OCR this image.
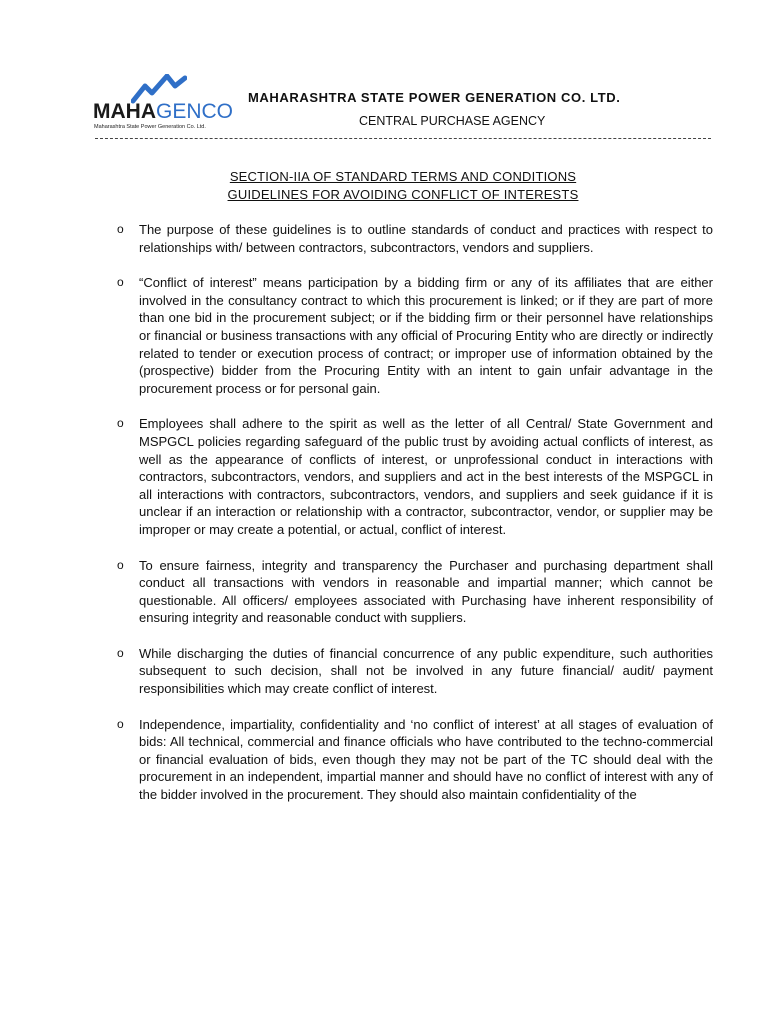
MAHAGENCO
Maharashtra State Power Generation Co. Ltd.
MAHARASHTRA STATE POWER GENERATION CO. LTD.
CENTRAL PURCHASE AGENCY
SECTION-IIA OF STANDARD TERMS AND CONDITIONS
GUIDELINES FOR AVOIDING CONFLICT OF INTERESTS
o The purpose of these guidelines is to outline standards of conduct and practices with respect to relationships with/ between contractors, subcontractors, vendors and suppliers.

o “Conflict of interest” means participation by a bidding firm or any of its affiliates that are either involved in the consultancy contract to which this procurement is linked; or if they are part of more than one bid in the procurement subject; or if the bidding firm or their personnel have relationships or financial or business transactions with any official of Procuring Entity who are directly or indirectly related to tender or execution process of contract; or improper use of information obtained by the (prospective) bidder from the Procuring Entity with an intent to gain unfair advantage in the procurement process or for personal gain.

o Employees shall adhere to the spirit as well as the letter of all Central/ State Government and MSPGCL policies regarding safeguard of the public trust by avoiding actual conflicts of interest, as well as the appearance of conflicts of interest, or unprofessional conduct in interactions with contractors, subcontractors, vendors, and suppliers and act in the best interests of the MSPGCL in all interactions with contractors, subcontractors, vendors, and suppliers and seek guidance if it is unclear if an interaction or relationship with a contractor, subcontractor, vendor, or supplier may be improper or may create a potential, or actual, conflict of interest.

o To ensure fairness, integrity and transparency the Purchaser and purchasing department shall conduct all transactions with vendors in reasonable and impartial manner; which cannot be questionable. All officers/ employees associated with Purchasing have inherent responsibility of ensuring integrity and reasonable conduct with suppliers.

o While discharging the duties of financial concurrence of any public expenditure, such authorities subsequent to such decision, shall not be involved in any future financial/ audit/ payment responsibilities which may create conflict of interest.

o Independence, impartiality, confidentiality and ‘no conflict of interest’ at all stages of evaluation of bids: All technical, commercial and finance officials who have contributed to the techno-commercial or financial evaluation of bids, even though they may not be part of the TC should deal with the procurement in an independent, impartial manner and should have no conflict of interest with any of the bidder involved in the procurement. They should also maintain confidentiality of the
